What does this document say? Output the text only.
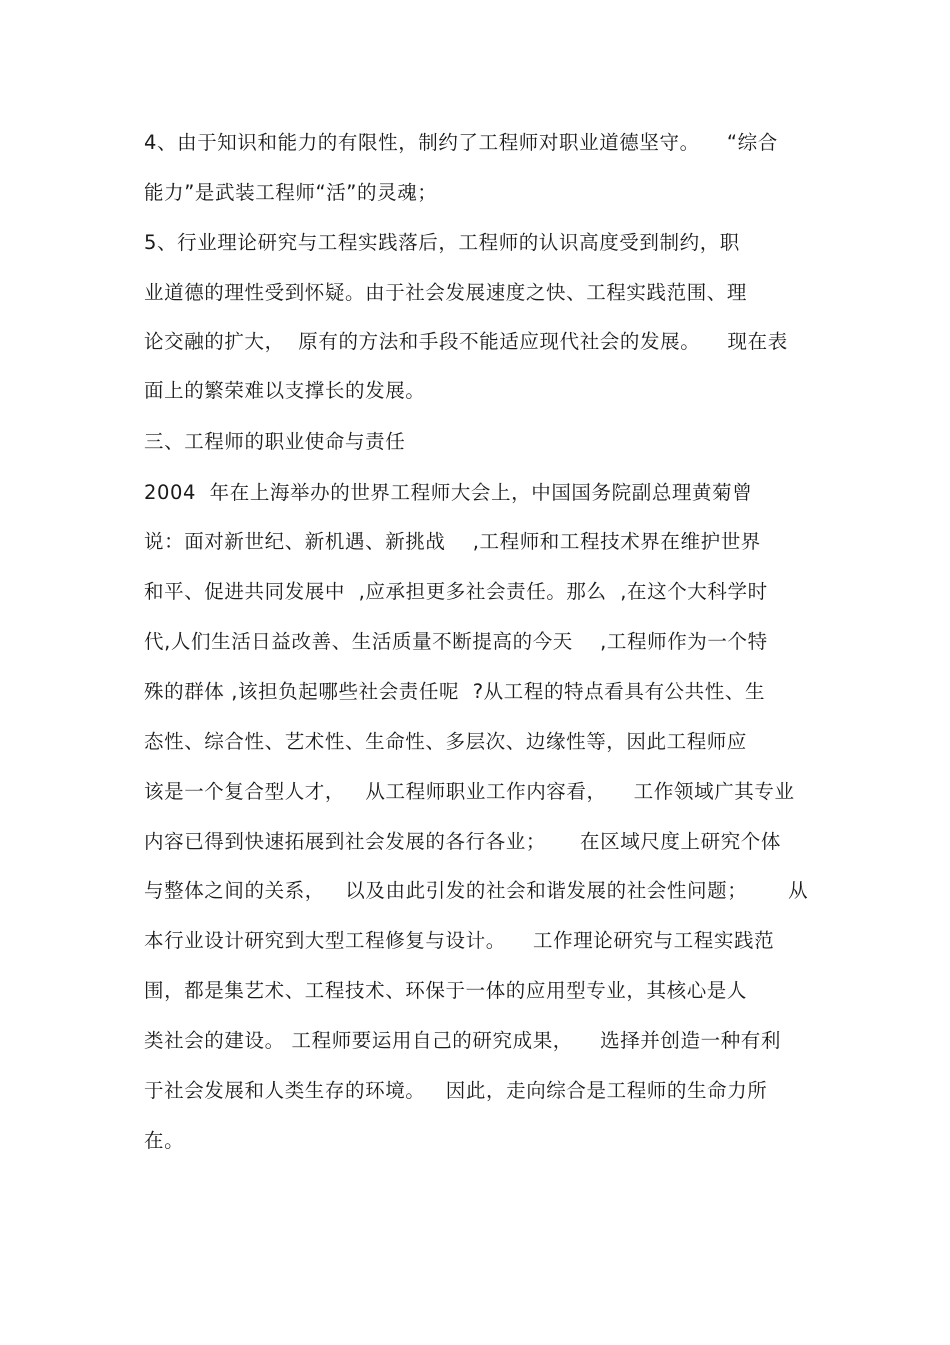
4、由于知识和能力的有限性，制约了工程师对职业道德坚守。    “综合
能力”是武装工程师“活”的灵魂；
5、行业理论研究与工程实践落后，工程师的认识高度受到制约，职
业道德的理性受到怀疑。由于社会发展速度之快、工程实践范围、理
论交融的扩大，  原有的方法和手段不能适应现代社会的发展。    现在表
面上的繁荣难以支撑长的发展。
三、工程师的职业使命与责任
2004  年在上海举办的世界工程师大会上，中国国务院副总理黄菊曾
说：面对新世纪、新机遇、新挑战    ,工程师和工程技术界在维护世界
和平、促进共同发展中  ,应承担更多社会责任。那么  ,在这个大科学时
代,人们生活日益改善、生活质量不断提高的今天    ,工程师作为一个特
殊的群体 ,该担负起哪些社会责任呢  ?从工程的特点看具有公共性、生
态性、综合性、艺术性、生命性、多层次、边缘性等，因此工程师应
该是一个复合型人才，   从工程师职业工作内容看，    工作领域广其专业
内容已得到快速拓展到社会发展的各行各业；     在区域尺度上研究个体
与整体之间的关系，   以及由此引发的社会和谐发展的社会性问题；      从
本行业设计研究到大型工程修复与设计。    工作理论研究与工程实践范
围，都是集艺术、工程技术、环保于一体的应用型专业，其核心是人
类社会的建设。 工程师要运用自己的研究成果，    选择并创造一种有利
于社会发展和人类生存的环境。   因此，走向综合是工程师的生命力所
在。
